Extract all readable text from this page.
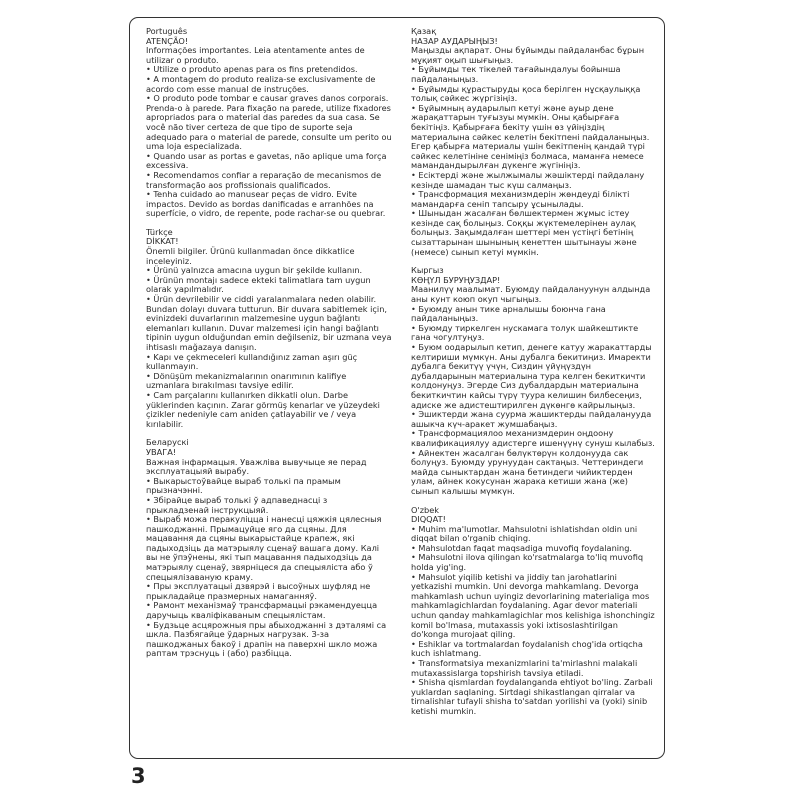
Português
ATENÇÃO!

Informações importantes. Leia atentamente antes de utilizar o produto.

• Utilize o produto apenas para os fins pretendidos.

• A montagem do produto realiza-se exclusivamente de acordo com esse manual de instruções.

• O produto pode tombar e causar graves danos corporais. Prenda-o à parede. Para fixação na parede, utilize fixadores apropriados para o material das paredes da sua casa. Se você não tiver certeza de que tipo de suporte seja adequado para o material de parede, consulte um perito ou uma loja especializada.

• Quando usar as portas e gavetas, não aplique uma força excessiva.

• Recomendamos confiar a reparação de mecanismos de transformação aos profissionais qualificados.

• Tenha cuidado ao manusear peças de vidro. Evite impactos. Devido as bordas danificadas e arranhões na superfície, o vidro, de repente, pode rachar-se ou quebrar.

Türkçe
DİKKAT!

Önemli bilgiler. Ürünü kullanmadan önce dikkatlice inceleyiniz.

• Ürünü yalnızca amacına uygun bir şekilde kullanın.

• Ürünün montajı sadece ekteki talimatlara tam uygun olarak yapılmalıdır.

• Ürün devrilebilir ve ciddi yaralanmalara neden olabilir. Bundan dolayı duvara tutturun. Bir duvara sabitlemek için, evinizdeki duvarlarının malzemesine uygun bağlantı elemanları kullanın. Duvar malzemesi için hangi bağlantı tipinin uygun olduğundan emin değilseniz, bir uzmana veya ihtisaslı mağazaya danışın.

• Kapı ve çekmeceleri kullandığınız zaman aşırı güç kullanmayın.

• Dönüşüm mekanizmalarının onarımının kalifiye uzmanlara bırakılması tavsiye edilir.

• Cam parçalarını kullanırken dikkatli olun. Darbe yüklerinden kaçının. Zarar görmüş kenarlar ve yüzeydeki çizikler nedeniyle cam aniden çatlayabilir ve / veya kırılabilir.

Беларускі
УВАГА!

Важная інфармацыя. Уважліва вывучыце яе перад эксплуатацыяй вырабу.

• Выкарыстоўвайце выраб толькі па прамым прызначэнні.

• Збірайце выраб толькі ў адпаведнасці з прыкладзенай інструкцыяй.

• Выраб можа перакуліцца і нанесці цяжкія цялесныя пашкоджанні. Прымацуйце яго да сцяны. Для мацавання да сцяны выкарыстайце крапеж, які падыходзіць да матэрыялу сценаў вашага дому. Калі вы не ўпэўнены, які тып мацавання падыходзіць да матэрыялу сценаў, звярніцеся да спецыяліста або ў спецыялізаваную краму.

• Пры эксплуатацыі дзвярэй і высоўных шуфляд не прыкладайце празмерных намаганняў.

• Рамонт механізмаў трансфармацыі рэкамендуецца даручыць кваліфікаваным спецыялістам.

• Будзьце асцярожныя пры абыходжанні з дэталямі са шкла. Пазбягайце ўдарных нагрузак. З-за пашкоджаных бакоў і драпін на паверхні шкло можа раптам трэснуць і (або) разбіцца.

Қазақ
НАЗАР АУДАРЫҢЫЗ!

Маңызды ақпарат. Оны бұйымды пайдаланбас бұрын мұқият оқып шығыңыз.

• Бұйымды тек тікелей тағайындалуы бойынша пайдаланыңыз.

• Бұйымды құрастыруды қоса берілген нұсқаулыққа толық сәйкес жүргізіңіз.

• Бұйымның аударылып кетуі және ауыр дене жарақаттарын туғызуы мүмкін. Оны қабырғаға бекітіңіз. Қабырғаға бекіту үшін өз үйіңіздің материалына сәйкес келетін бекітпені пайдаланыңыз. Егер қабырға материалы үшін бекітпенің қандай түрі сәйкес келетініне сеніміңіз болмаса, маманға немесе мамандандырылған дүкенге жүгініңіз.

• Есіктерді және жылжымалы жәшіктерді пайдалану кезінде шамадан тыс күш салмаңыз.

• Трансформация механизмдерін жөндеуді білікті мамандарға сеніп тапсыру ұсынылады.

• Шыныдан жасалған бөлшектермен жұмыс істеу кезінде сақ болыңыз. Соққы жүктемелерінен аулақ болыңыз. Зақымдалған шеттері мен үстіңгі бетінің сызаттарынан шынының кенеттен шытынауы және (немесе) сынып кетуі мүмкін.

Кыргыз
КӨҢҮЛ БУРУҢУЗДАР!

Маанилүү маалымат. Буюмду пайдалануунун алдында аны кунт коюп окуп чыгыңыз.

• Буюмду анын тике арналышы боюнча гана пайдаланыңыз.

• Буюмду тиркелген нускамага толук шайкештикте гана чогултуңуз.

• Буюм оодарылып кетип, денеге катуу жаракаттарды келтириши мүмкүн. Аны дубалга бекитиңиз. Имаректи дубалга бекитүү үчүн, Сиздин үйүңүздүн дубалдарынын материалына тура келген бекиткичти колдонуңуз. Эгерде Сиз дубалдардын материалына бекиткичтин кайсы түрү туура келишин билбесеңиз, адиске же адистештирилген дүкөнгө кайрылыңыз.

• Эшиктерди жана суурма жашиктерды пайдаланууда ашыкча күч-аракет жумшабаңыз.

• Трансформациялоо механизмдерин оңдоону квалификациялуу адистерге ишенүүнү сунуш кылабыз.

• Айнектен жасалган бөлүктөрүн колдонууда сак болуңуз. Буюмду урунуудан сактаңыз. Четтериндеги майда сыныктардан жана бетиндеги чийиктерден улам, айнек кокусунан жарака кетиши жана (же) сынып калышы мүмкүн.

O'zbek
DIQQAT!

• Muhim ma'lumotlar. Mahsulotni ishlatishdan oldin uni diqqat bilan o'rganib chiqing.

• Mahsulotdan faqat maqsadiga muvofiq foydalaning.

• Mahsulotni ilova qilingan ko'rsatmalarga to'liq muvofiq holda yig'ing.

• Mahsulot yiqilib ketishi va jiddiy tan jarohatlarini yetkazishi mumkin. Uni devorga mahkamlang. Devorga mahkamlash uchun uyingiz devorlarining materialiga mos mahkamlagichlardan foydalaning. Agar devor materiali uchun qanday mahkamlagichlar mos kelishiga ishonchingiz komil bo'lmasa, mutaxassis yoki ixtisoslashtirilgan do'konga murojaat qiling.

• Eshiklar va tortmalardan foydalanish chog'ida ortiqcha kuch ishlatmang.

• Transformatsiya mexanizmlarini ta'mirlashni malakali mutaxassislarga topshirish tavsiya etiladi.

• Shisha qismlardan foydalanganda ehtiyot bo'ling. Zarbali yuklardan saqlaning. Sirtdagi shikastlangan qirralar va tirnalishlar tufayli shisha to'satdan yorilishi va (yoki) sinib ketishi mumkin.

3
